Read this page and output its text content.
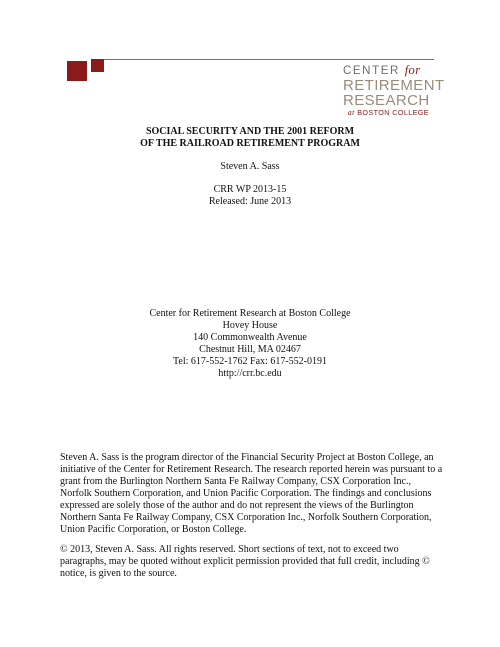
CENTER for
RETIREMENT
RESEARCH
at BOSTON COLLEGE
SOCIAL SECURITY AND THE 2001 REFORM
OF THE RAILROAD RETIREMENT PROGRAM
Steven A. Sass
CRR WP 2013-15
Released: June 2013
Center for Retirement Research at Boston College
Hovey House
140 Commonwealth Avenue
Chestnut Hill, MA 02467
Tel: 617-552-1762 Fax: 617-552-0191
http://crr.bc.edu
Steven A. Sass is the program director of the Financial Security Project at Boston College, an initiative of the Center for Retirement Research. The research reported herein was pursuant to a grant from the Burlington Northern Santa Fe Railway Company, CSX Corporation Inc., Norfolk Southern Corporation, and Union Pacific Corporation. The findings and conclusions expressed are solely those of the author and do not represent the views of the Burlington Northern Santa Fe Railway Company, CSX Corporation Inc., Norfolk Southern Corporation, Union Pacific Corporation, or Boston College.
© 2013, Steven A. Sass. All rights reserved. Short sections of text, not to exceed two paragraphs, may be quoted without explicit permission provided that full credit, including © notice, is given to the source.
